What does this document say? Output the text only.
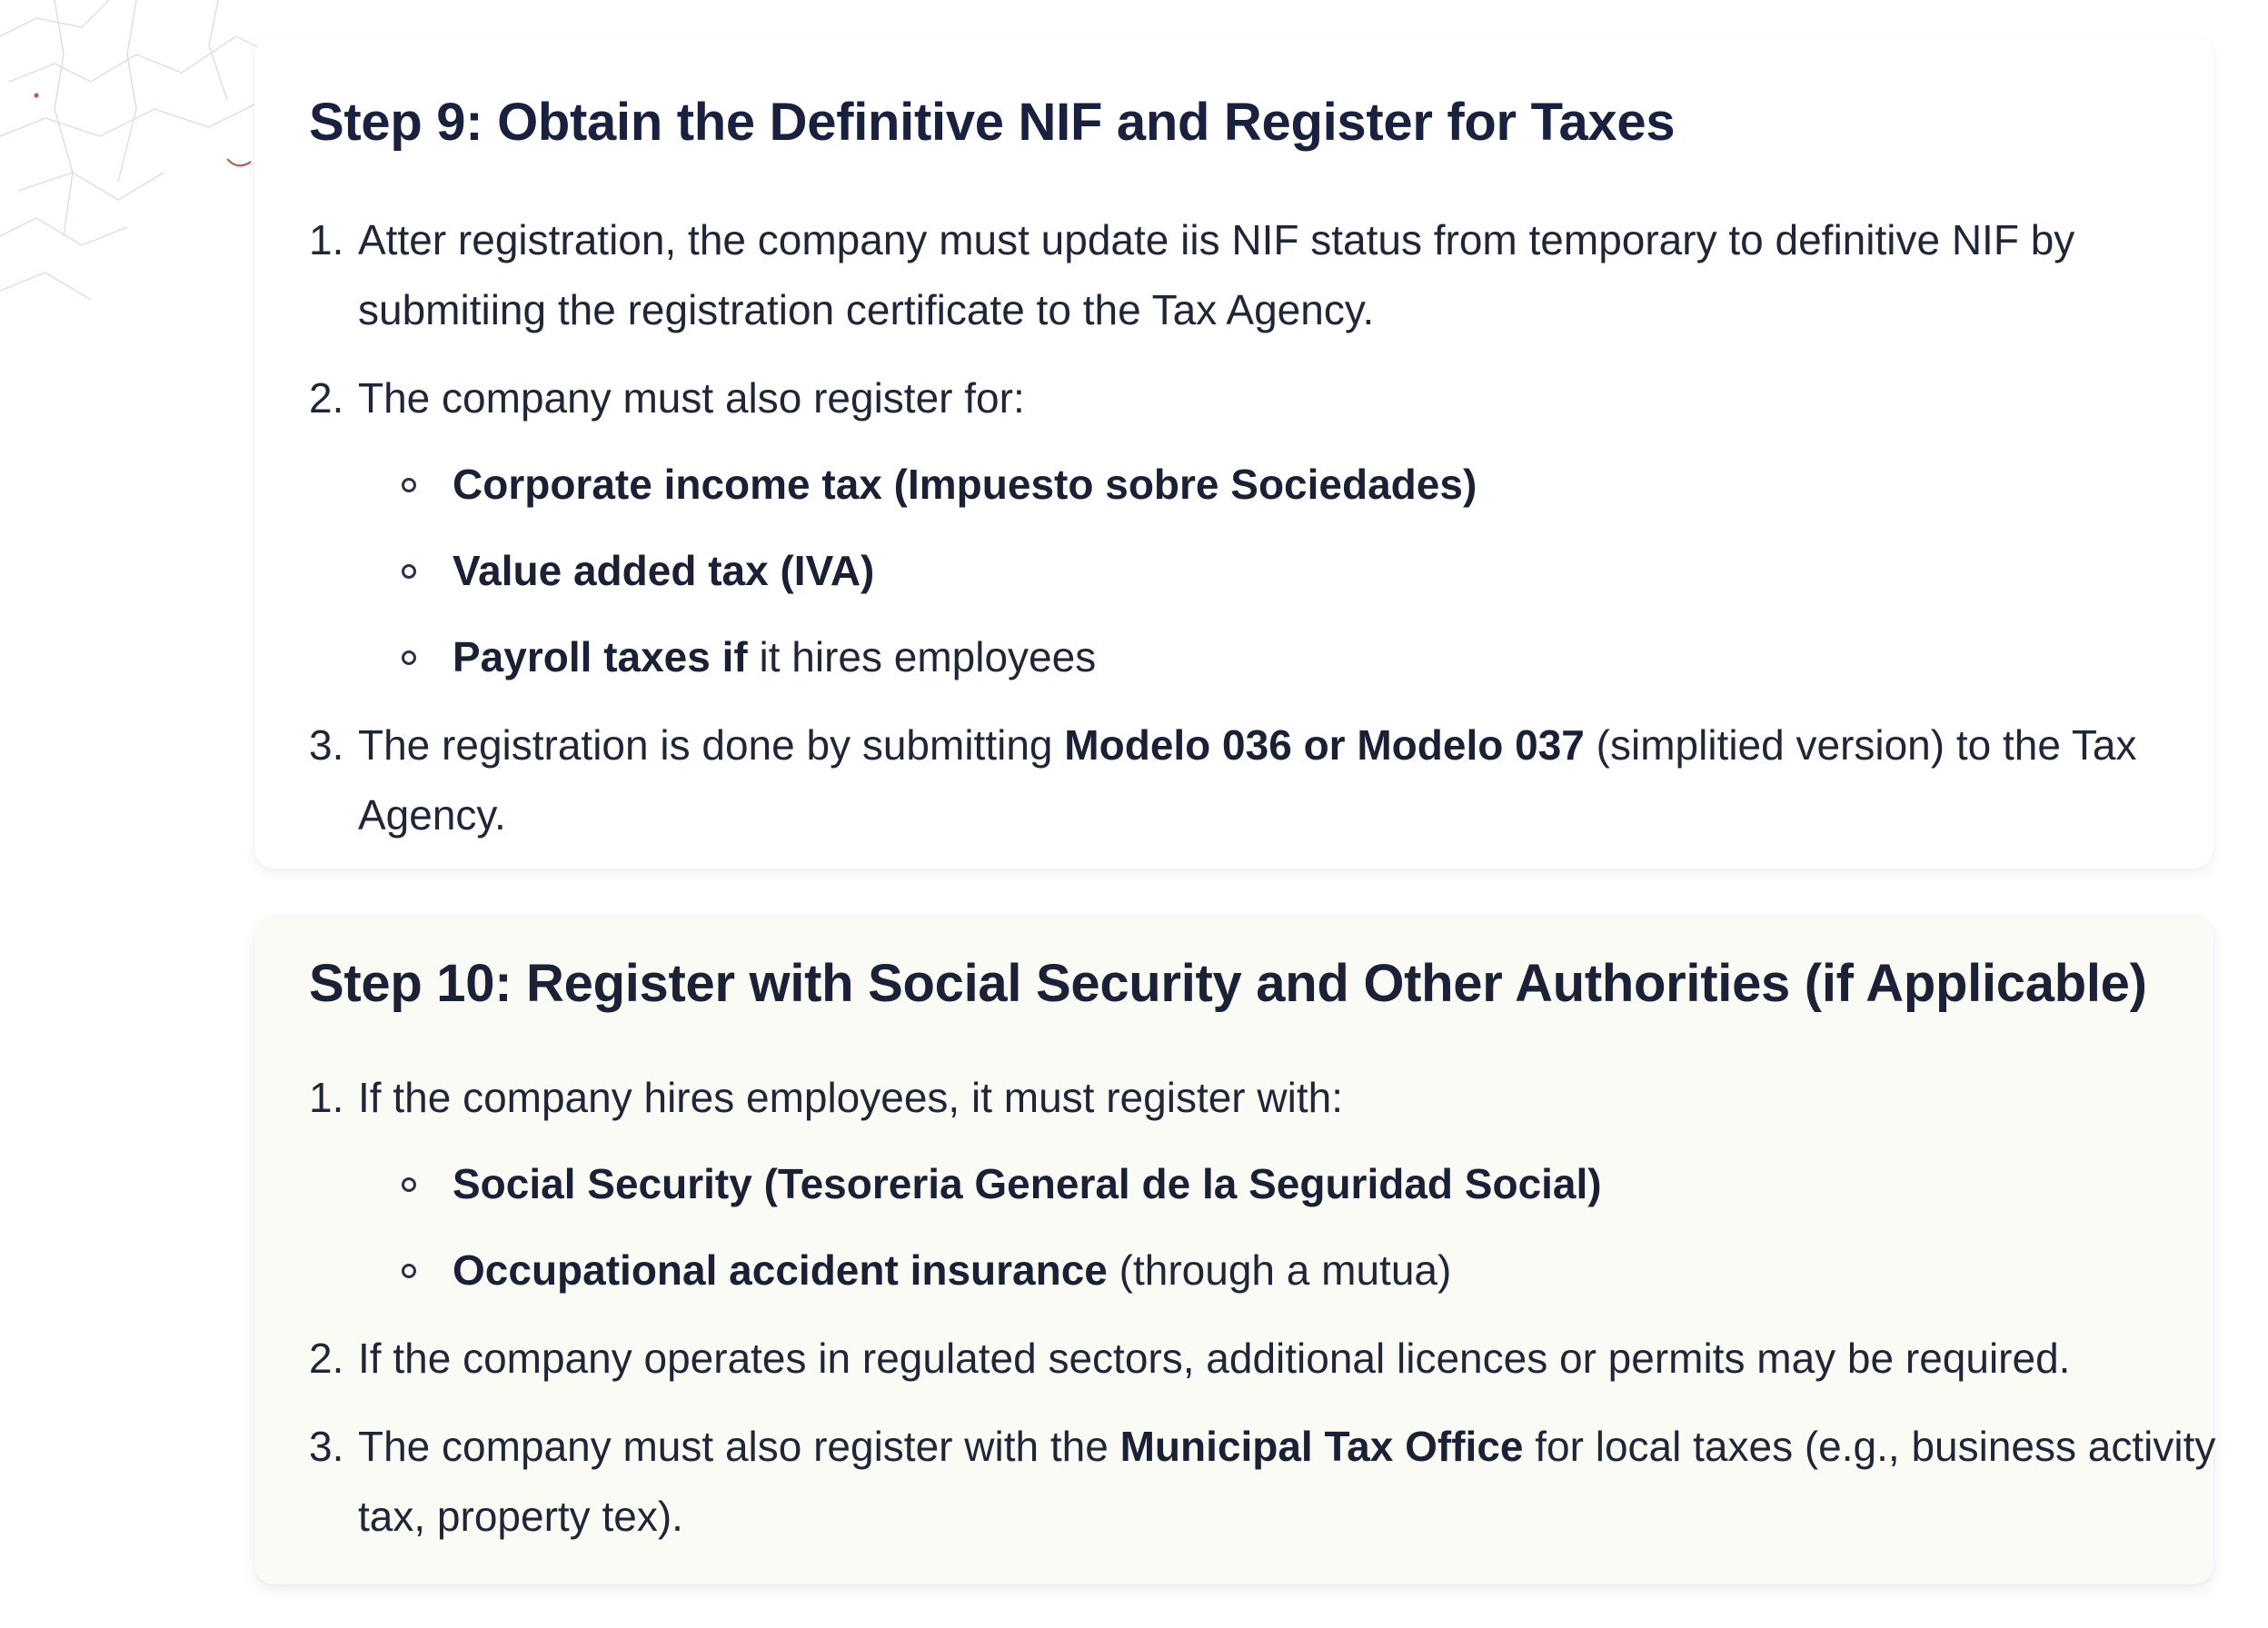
Step 9: Obtain the Definitive NIF and Register for Taxes
1. Atter registration, the company must update iis NIF status from temporary to definitive NIF by submitiing the registration certificate to the Tax Agency.
2. The company must also register for:
Corporate income tax (Impuesto sobre Sociedades)
Value added tax (IVA)
Payroll taxes if it hires employees
3. The registration is done by submitting Modelo 036 or Modelo 037 (simplitied version) to the Tax Agency.
Step 10: Register with Social Security and Other Authorities (if Applicable)
1. If the company hires employees, it must register with:
Social Security (Tesoreria General de la Seguridad Social)
Occupational accident insurance (through a mutua)
2. If the company operates in regulated sectors, additional licences or permits may be required.
3. The company must also register with the Municipal Tax Office for local taxes (e.g., business activity tax, property tex).
